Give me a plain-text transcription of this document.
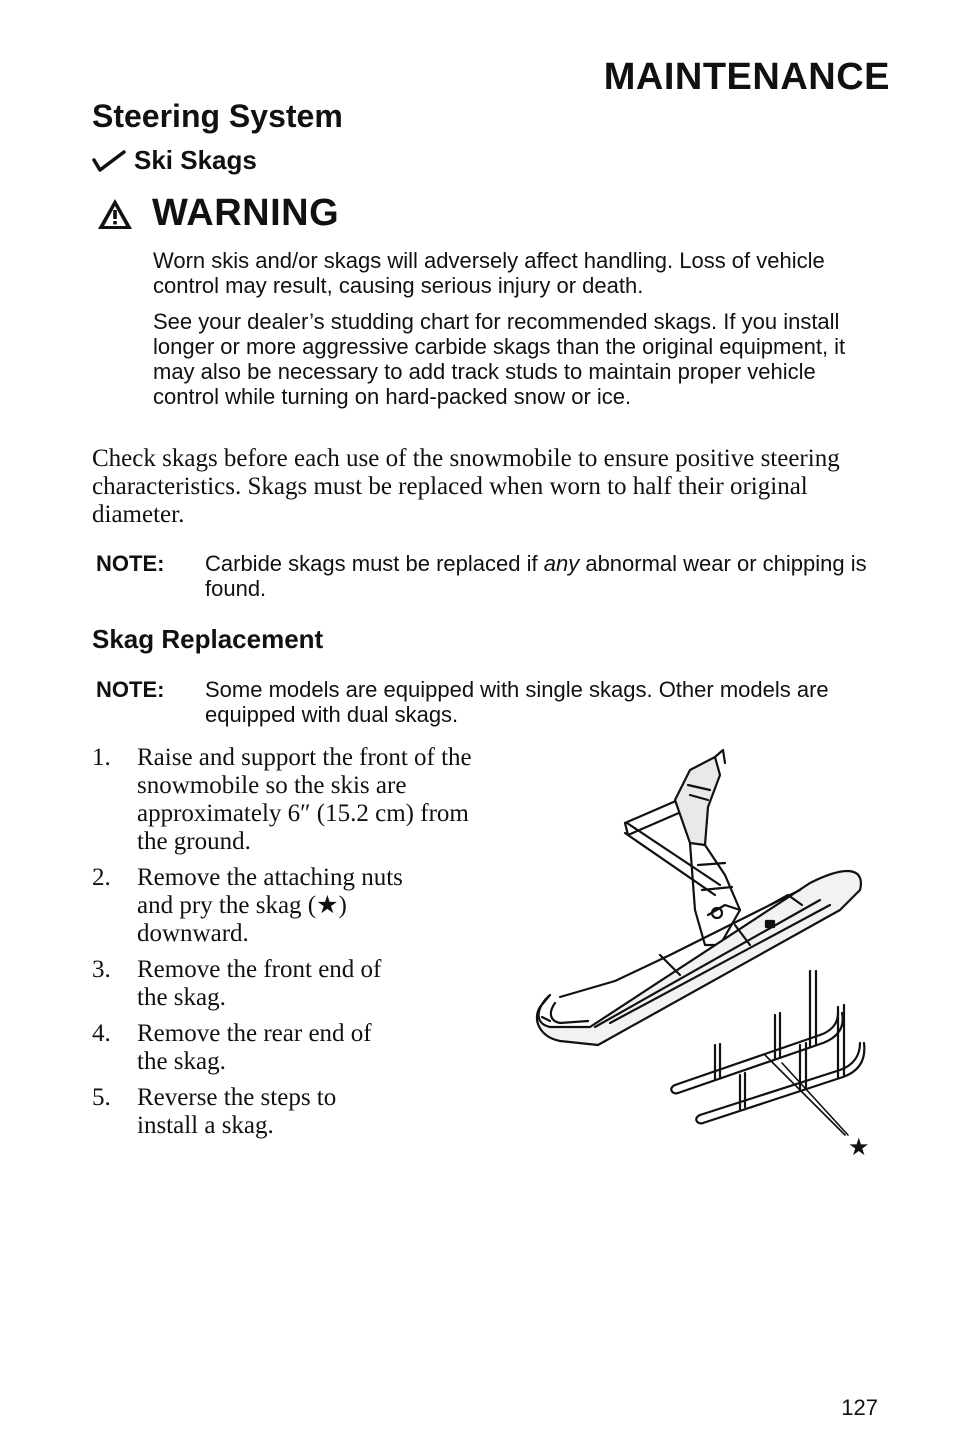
MAINTENANCE
Steering System
Ski Skags
WARNING
Worn skis and/or skags will adversely affect handling. Loss of vehicle control may result, causing serious injury or death.
See your dealer’s studding chart for recommended skags. If you install longer or more aggressive carbide skags than the original equipment, it may also be necessary to add track studs to maintain proper vehicle control while turning on hard-packed snow or ice.
Check skags before each use of the snowmobile to ensure positive steering characteristics. Skags must be replaced when worn to half their original diameter.
NOTE:	Carbide skags must be replaced if any abnormal wear or chipping is found.
Skag Replacement
NOTE:	Some models are equipped with single skags. Other models are equipped with dual skags.
1.	Raise and support the front of the snowmobile so the skis are approximately 6″ (15.2 cm) from the ground.
2.	Remove the attaching nuts and pry the skag (★) downward.
3.	Remove the front end of the skag.
4.	Remove the rear end of the skag.
5.	Reverse the steps to install a skag.
★
127
